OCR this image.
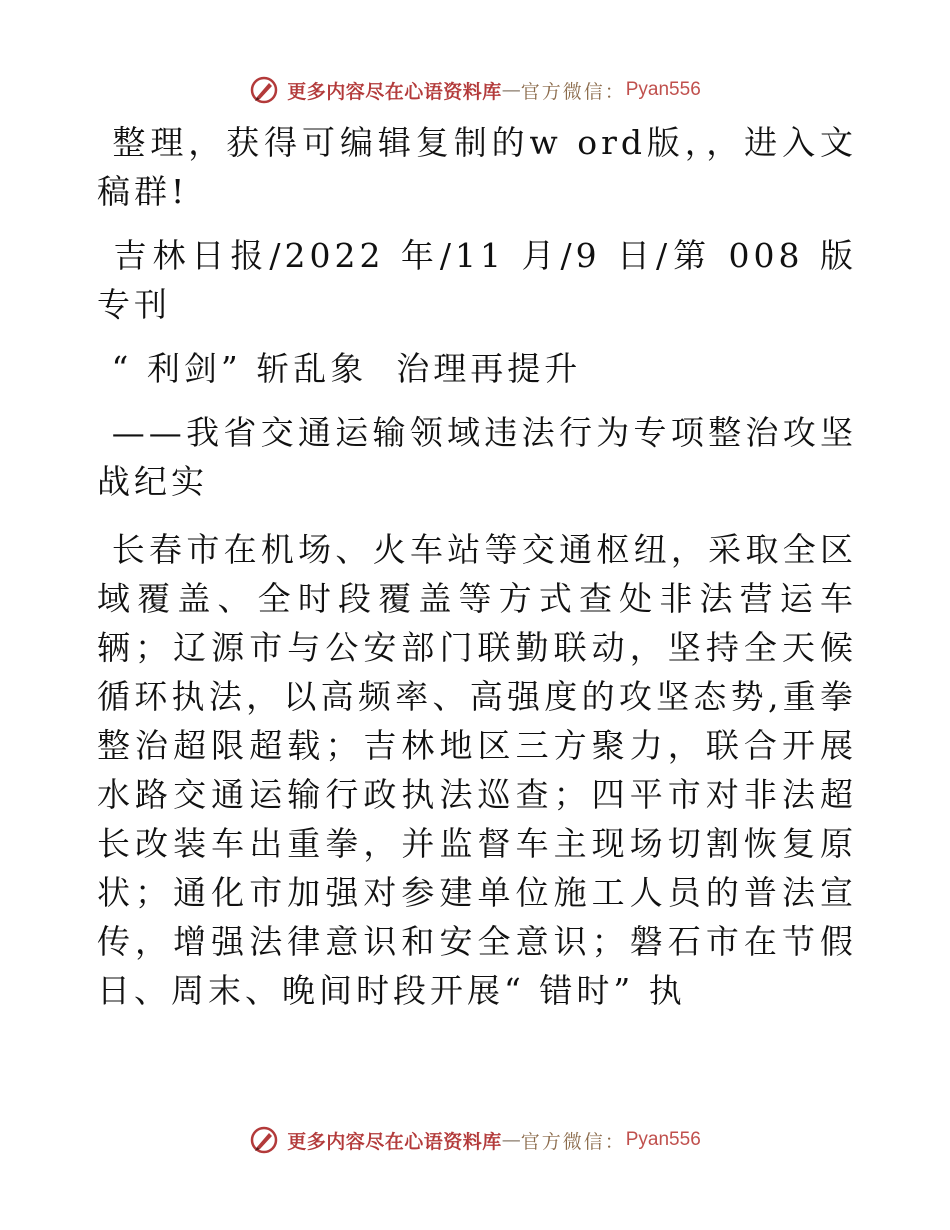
更多内容尽在心语资料库 — 官方微信： Pyan556

整理，获得可编辑复制的w ord版，，进入文稿群!

吉林日报/2022 年/11 月/9 日/第 008 版专刊

“ 利剑” 斩乱象  治理再提升

——我省交通运输领域违法行为专项整治攻坚战纪实

长春市在机场、火车站等交通枢纽，采取全区域覆盖、全时段覆盖等方式查处非法营运车辆；辽源市与公安部门联勤联动，坚持全天候循环执法，以高频率、高强度的攻坚态势,重拳整治超限超载；吉林地区三方聚力，联合开展水路交通运输行政执法巡查；四平市对非法超长改装车出重拳，并监督车主现场切割恢复原状；通化市加强对参建单位施工人员的普法宣传，增强法律意识和安全意识；磐石市在节假日、周末、晚间时段开展“ 错时” 执

更多内容尽在心语资料库 — 官方微信： Pyan556
